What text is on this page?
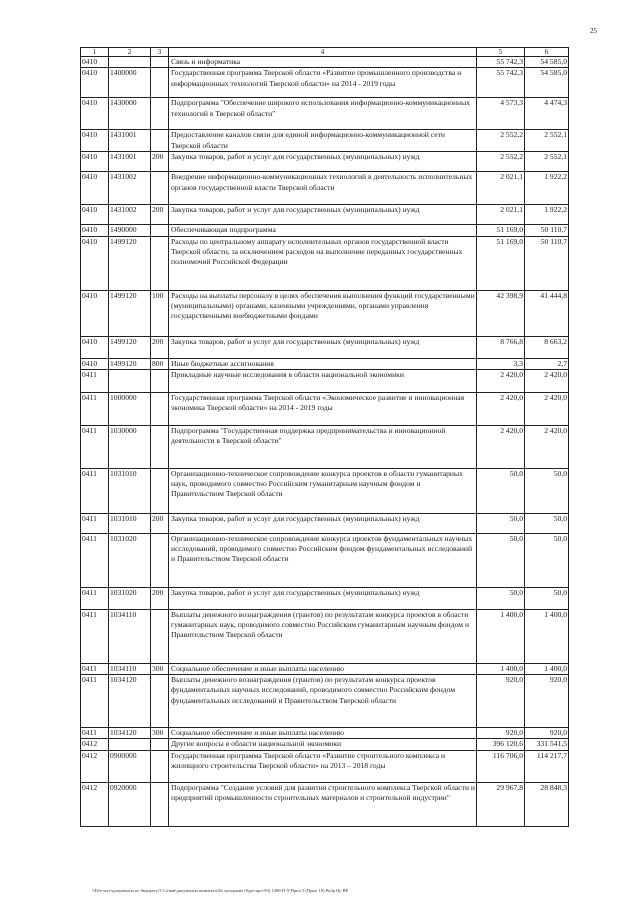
25
1	2	3	4	5	6
0410			Связь и информатика	55 742,3	54 585,0
0410	1400000		Государственная программа Тверской области «Развитие промышленного производства и информационных технологий Тверской области» на 2014 - 2019 годы	55 742,3	54 585,0
0410	1430000		Подпрограмма "Обеспечение широкого использования информационно-коммуникационных технологий в Тверской области"	4 573,3	4 474,3
0410	1431001		Предоставление каналов связи для единой информационно-коммуникационной сети Тверской области	2 552,2	2 552,1
0410	1431001	200	Закупка товаров, работ и услуг для государственных (муниципальных) нужд	2 552,2	2 552,1
0410	1431002		Внедрение информационно-коммуникационных технологий в деятельность исполнительных органов государственной власти Тверской области	2 021,1	1 922,2
0410	1431002	200	Закупка товаров, работ и услуг для государственных (муниципальных) нужд	2 021,1	1 922,2
0410	1490000		Обеспечивающая подпрограмма	51 169,0	50 110,7
0410	1499120		Расходы по центральному аппарату исполнительных органов государственной власти Тверской области, за исключением расходов на выполнение переданных государственных полномочий Российской Федерации	51 169,0	50 110,7
0410	1499120	100	Расходы на выплаты персоналу в целях обеспечения выполнения функций государственными (муниципальными) органами, казенными учреждениями, органами управления государственными внебюджетными фондами	42 398,9	41 444,8
0410	1499120	200	Закупка товаров, работ и услуг для государственных (муниципальных) нужд	8 766,8	8 663,2
0410	1499120	800	Иные бюджетные ассигнования	3,3	2,7
0411			Прикладные научные исследования в области национальной экономики	2 420,0	2 420,0
0411	1000000		Государственная программа Тверской области «Экономическое развитие и инновационная экономика Тверской области» на 2014 - 2019 годы	2 420,0	2 420,0
0411	1030000		Подпрограмма "Государственная поддержка предпринимательства и инновационной деятельности в Тверской области"	2 420,0	2 420,0
0411	1031010		Организационно-техническое сопровождение конкурса проектов в области гуманитарных наук, проводимого совместно Российским гуманитарным научным фондом и Правительством Тверской области	50,0	50,0
0411	1031010	200	Закупка товаров, работ и услуг для государственных (муниципальных) нужд	50,0	50,0
0411	1031020		Организационно-техническое сопровождение конкурса проектов фундаментальных научных исследований, проводимого совместно Российским фондом фундаментальных исследований и Правительством Тверской области	50,0	50,0
0411	1031020	200	Закупка товаров, работ и услуг для государственных (муниципальных) нужд	50,0	50,0
0411	1034110		Выплаты денежного вознаграждения (грантов) по результатам конкурса проектов в области гуманитарных наук, проводимого совместно Российским гуманитарным научным фондом и Правительством Тверской области	1 400,0	1 400,0
0411	1034110	300	Социальное обеспечение и иные выплаты населению	1 400,0	1 400,0
0411	1034120		Выплаты денежного вознаграждения (грантов) по результатам конкурса проектов фундаментальных научных исследований, проводимого совместно Российским фондом фундаментальных исследований и Правительством Тверской области	920,0	920,0
0411	1034120	300	Социальное обеспечение и иные выплаты населению	920,0	920,0
0412			Другие вопросы в области национальной экономики	396 120,6	331 541,5
0412	0900000		Государственная программа Тверской области «Развитие строительного комплекса и жилищного строительства Тверской области» на 2013 – 2018 годы	116 706,0	114 217,7
0412	0920000		Подпрограмма "Создание условий для развития строительного комплекса Тверской области и предприятий промышленности строительных материалов и строительной индустрии"	29 967,8	28 848,3
\\File-serv\документы по бюджету\3 Созыв\документы комитета\26 заседание (бург\про\56) 1496-П-5\Прил 5 (Прил 10) Ра3р Цс ВР
